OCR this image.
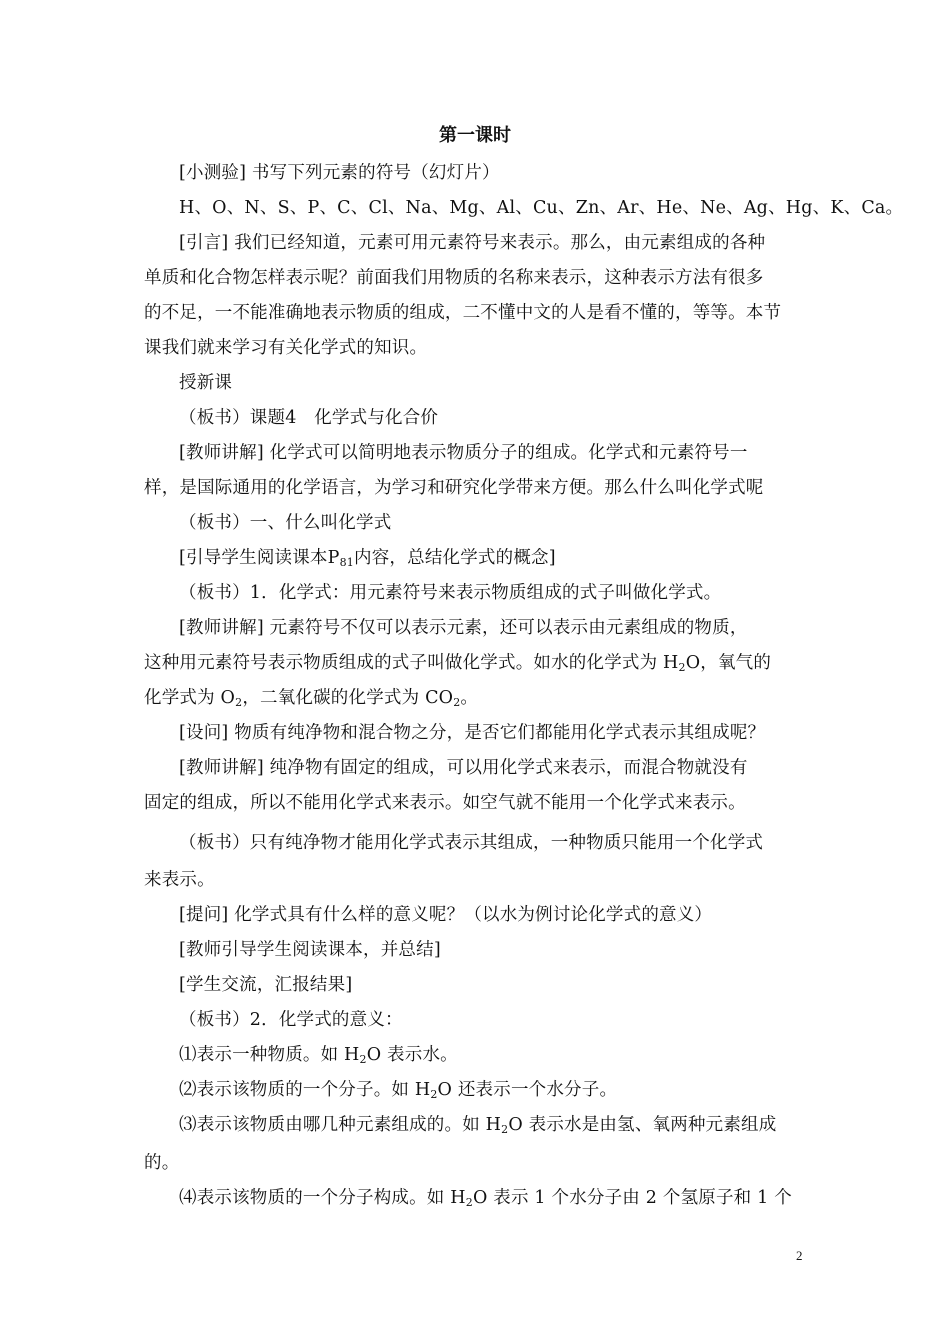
第一课时
[小测验] 书写下列元素的符号（幻灯片）
H、O、N、S、P、C、Cl、Na、Mg、Al、Cu、Zn、Ar、He、Ne、Ag、Hg、K、Ca。
[引言] 我们已经知道，元素可用元素符号来表示。那么，由元素组成的各种
单质和化合物怎样表示呢？前面我们用物质的名称来表示，这种表示方法有很多
的不足，一不能准确地表示物质的组成，二不懂中文的人是看不懂的，等等。本节
课我们就来学习有关化学式的知识。
授新课
（板书）课题4　化学式与化合价
[教师讲解] 化学式可以简明地表示物质分子的组成。化学式和元素符号一
样，是国际通用的化学语言，为学习和研究化学带来方便。那么什么叫化学式呢
（板书）一、什么叫化学式
[引导学生阅读课本$P_{81}$内容，总结化学式的概念]
（板书）1．化学式：用元素符号来表示物质组成的式子叫做化学式。
[教师讲解] 元素符号不仅可以表示元素，还可以表示由元素组成的物质，
这种用元素符号表示物质组成的式子叫做化学式。如水的化学式为 $H_2O$，氧气的
化学式为 $O_2$，二氧化碳的化学式为 $CO_2$。
[设问] 物质有纯净物和混合物之分，是否它们都能用化学式表示其组成呢？
[教师讲解] 纯净物有固定的组成，可以用化学式来表示，而混合物就没有
固定的组成，所以不能用化学式来表示。如空气就不能用一个化学式来表示。
（板书）只有纯净物才能用化学式表示其组成，一种物质只能用一个化学式
来表示。
[提问] 化学式具有什么样的意义呢？（以水为例讨论化学式的意义）
[教师引导学生阅读课本，并总结]
[学生交流，汇报结果]
（板书）2．化学式的意义：
⑴表示一种物质。如 $H_2O$ 表示水。
⑵表示该物质的一个分子。如 $H_2O$ 还表示一个水分子。
⑶表示该物质由哪几种元素组成的。如 $H_2O$ 表示水是由氢、氧两种元素组成
的。
⑷表示该物质的一个分子构成。如 $H_2O$ 表示 1 个水分子由 2 个氢原子和 1 个
2
